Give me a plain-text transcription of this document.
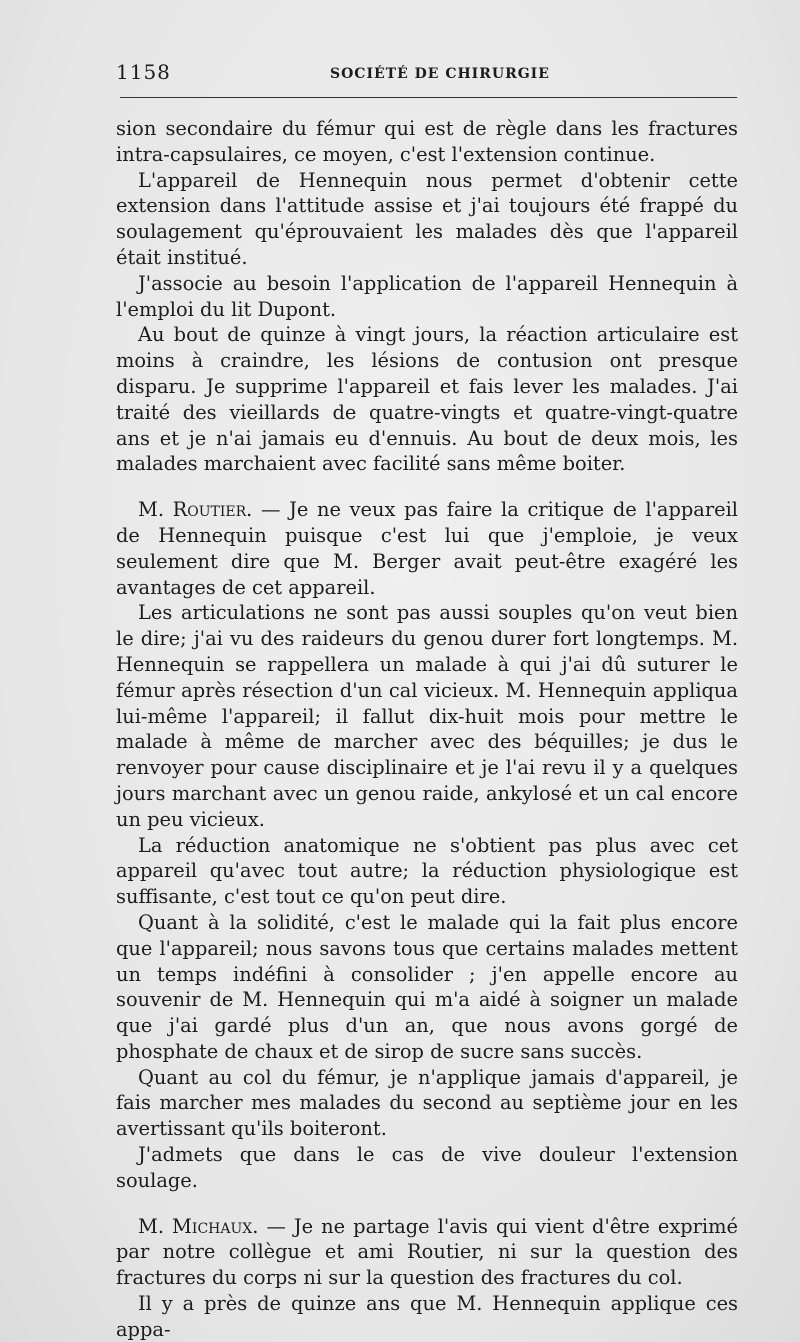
1158	SOCIÉTÉ DE CHIRURGIE

sion secondaire du fémur qui est de règle dans les fractures intra-capsulaires, ce moyen, c'est l'extension continue.

L'appareil de Hennequin nous permet d'obtenir cette extension dans l'attitude assise et j'ai toujours été frappé du soulagement qu'éprouvaient les malades dès que l'appareil était institué.

J'associe au besoin l'application de l'appareil Hennequin à l'emploi du lit Dupont.

Au bout de quinze à vingt jours, la réaction articulaire est moins à craindre, les lésions de contusion ont presque disparu. Je supprime l'appareil et fais lever les malades. J'ai traité des vieillards de quatre-vingts et quatre-vingt-quatre ans et je n'ai jamais eu d'ennuis. Au bout de deux mois, les malades marchaient avec facilité sans même boiter.

M. Routier. — Je ne veux pas faire la critique de l'appareil de Hennequin puisque c'est lui que j'emploie, je veux seulement dire que M. Berger avait peut-être exagéré les avantages de cet appareil.

Les articulations ne sont pas aussi souples qu'on veut bien le dire; j'ai vu des raideurs du genou durer fort longtemps. M. Hennequin se rappellera un malade à qui j'ai dû suturer le fémur après résection d'un cal vicieux. M. Hennequin appliqua lui-même l'appareil; il fallut dix-huit mois pour mettre le malade à même de marcher avec des béquilles; je dus le renvoyer pour cause disciplinaire et je l'ai revu il y a quelques jours marchant avec un genou raide, ankylosé et un cal encore un peu vicieux.

La réduction anatomique ne s'obtient pas plus avec cet appareil qu'avec tout autre; la réduction physiologique est suffisante, c'est tout ce qu'on peut dire.

Quant à la solidité, c'est le malade qui la fait plus encore que l'appareil; nous savons tous que certains malades mettent un temps indéfini à consolider ; j'en appelle encore au souvenir de M. Hennequin qui m'a aidé à soigner un malade que j'ai gardé plus d'un an, que nous avons gorgé de phosphate de chaux et de sirop de sucre sans succès.

Quant au col du fémur, je n'applique jamais d'appareil, je fais marcher mes malades du second au septième jour en les avertissant qu'ils boiteront.

J'admets que dans le cas de vive douleur l'extension soulage.

M. Michaux. — Je ne partage l'avis qui vient d'être exprimé par notre collègue et ami Routier, ni sur la question des fractures du corps ni sur la question des fractures du col.

Il y a près de quinze ans que M. Hennequin applique ces appa-
